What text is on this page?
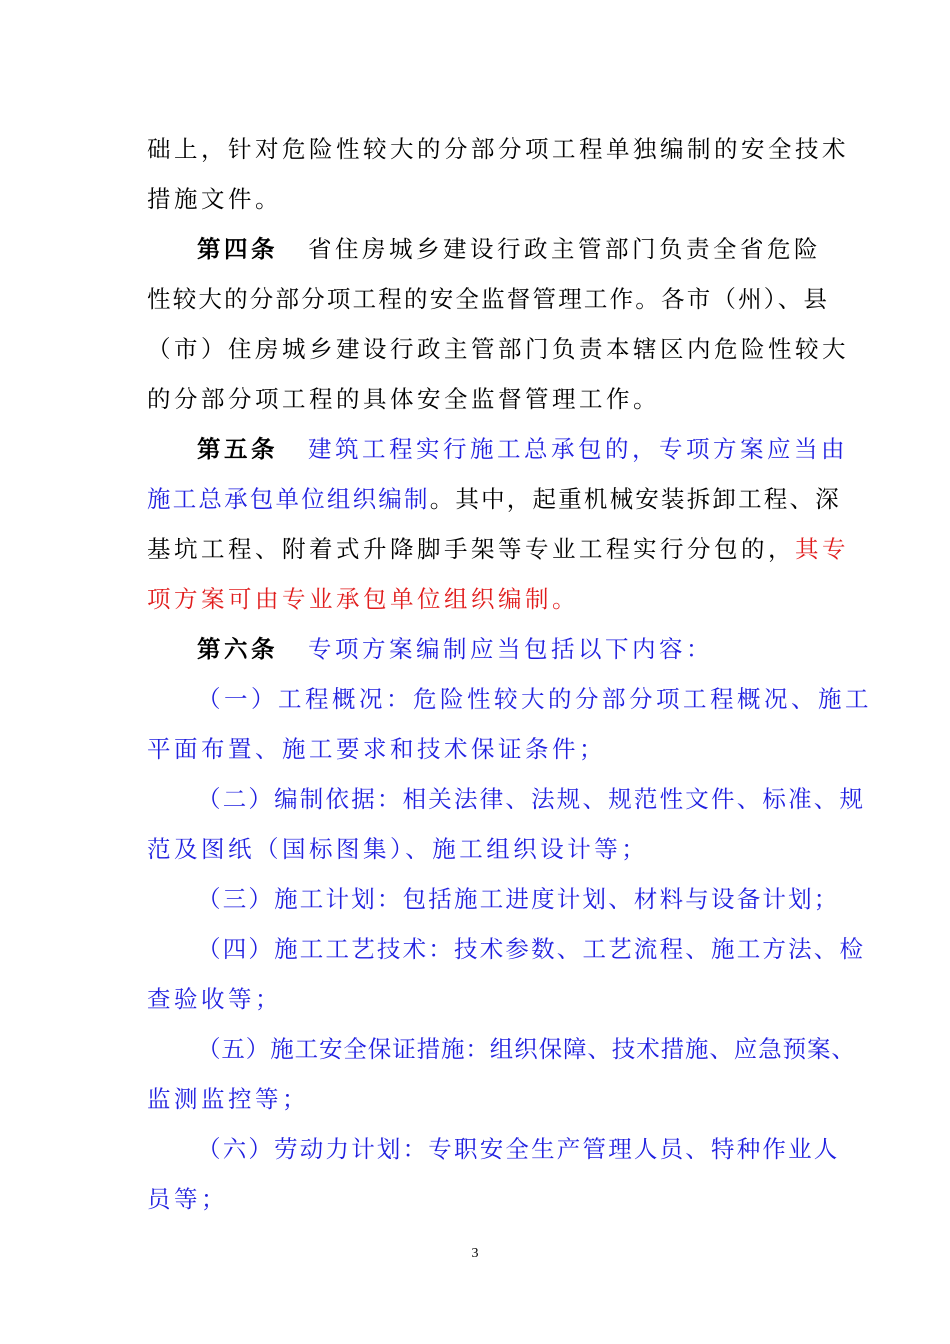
础上，针对危险性较大的分部分项工程单独编制的安全技术
措施文件。
第四条 省住房城乡建设行政主管部门负责全省危险
性较大的分部分项工程的安全监督管理工作。各市（州）、县
（市）住房城乡建设行政主管部门负责本辖区内危险性较大
的分部分项工程的具体安全监督管理工作。
第五条 建筑工程实行施工总承包的，专项方案应当由
施工总承包单位组织编制。其中，起重机械安装拆卸工程、深
基坑工程、附着式升降脚手架等专业工程实行分包的，其专
项方案可由专业承包单位组织编制。
第六条 专项方案编制应当包括以下内容：
（一）工程概况：危险性较大的分部分项工程概况、施工
平面布置、施工要求和技术保证条件；
（二）编制依据：相关法律、法规、规范性文件、标准、规
范及图纸（国标图集）、施工组织设计等；
（三）施工计划：包括施工进度计划、材料与设备计划；
（四）施工工艺技术：技术参数、工艺流程、施工方法、检
查验收等；
（五）施工安全保证措施：组织保障、技术措施、应急预案、
监测监控等；
（六）劳动力计划：专职安全生产管理人员、特种作业人
员等；
3
